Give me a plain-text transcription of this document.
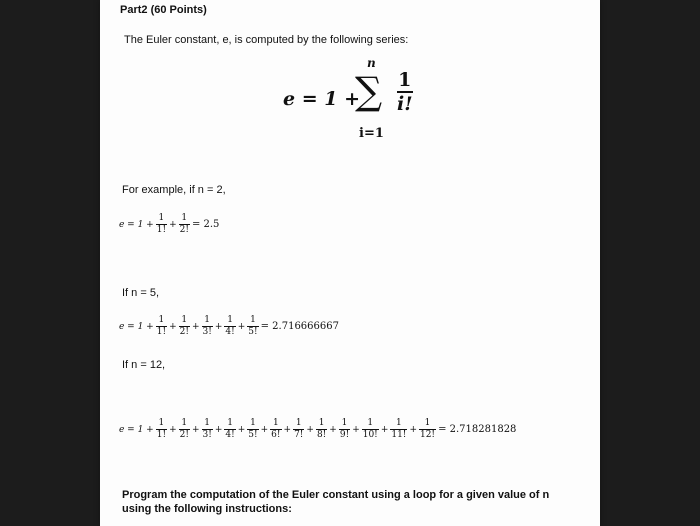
Part2 (60 Points)
The Euler constant, e, is computed by the following series:
e = 1 +
n
∑
i=1
$\frac{1}{i!}$
For example, if n = 2,
$e = 1 + \frac{1}{1!} + \frac{1}{2!} = 2.5$
If n = 5,
$e = 1 + \frac{1}{1!} + \frac{1}{2!} + \frac{1}{3!} + \frac{1}{4!} + \frac{1}{5!} = 2.716666667$
If n = 12,
$e = 1 + \frac{1}{1!} + \frac{1}{2!} + \frac{1}{3!} + \frac{1}{4!} + \frac{1}{5!} + \frac{1}{6!} + \frac{1}{7!} + \frac{1}{8!} + \frac{1}{9!} + \frac{1}{10!} + \frac{1}{11!} + \frac{1}{12!} = 2.718281828$
Program the computation of the Euler constant using a loop for a given value of n
using the following instructions:
